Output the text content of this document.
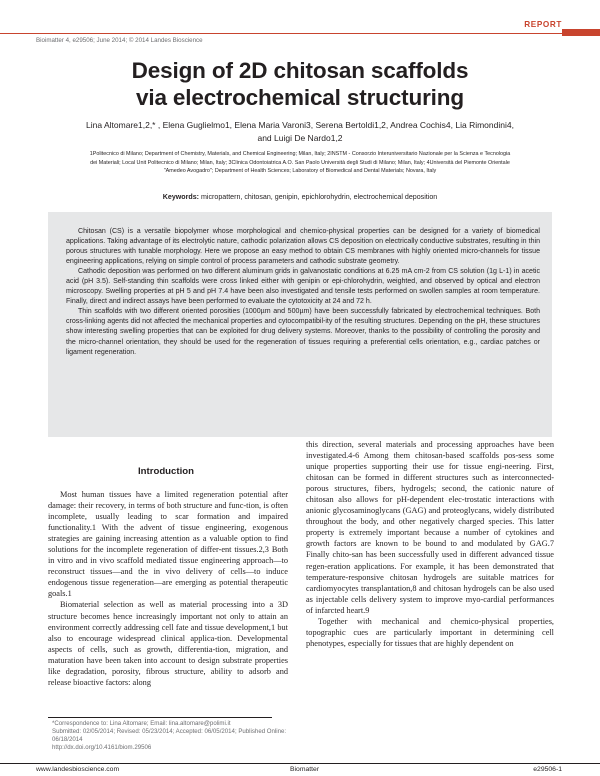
REPORT
Bioimatter 4, e29506; June 2014; © 2014 Landes Bioscience
Design of 2D chitosan scaffolds
via electrochemical structuring
Lina Altomare1,2,* , Elena Guglielmo1, Elena Maria Varoni3, Serena Bertoldi1,2, Andrea Cochis4, Lia Rimondini4,
and Luigi De Nardo1,2
1Politecnico di Milano; Department of Chemistry, Materials, and Chemical Engineering; Milan, Italy; 2INSTM - Consorzio Interuniversitario Nazionale per la Scienza e Tecnologia
dei Materiali; Local Unit Politecnico di Milano; Milan, Italy; 3Clinica Odontoiatrica A.O. San Paolo Università degli Studi di Milano; Milan, Italy; 4Università del Piemonte Orientale
"Amedeo Avogadro"; Department of Health Sciences; Laboratory of Biomedical and Dental Materials; Novara, Italy
Keywords: micropattern, chitosan, genipin, epichlorohydrin, electrochemical deposition

Chitosan (CS) is a versatile biopolymer whose morphological and chemico-physical properties can be designed for a variety of biomedical applications. Taking advantage of its electrolytic nature, cathodic polarization allows CS deposition on electrically conductive substrates, resulting in thin porous structures with tunable morphology. Here we propose an easy method to obtain CS membranes with highly oriented micro-channels for tissue engineering applications, relying on simple control of process parameters and cathodic substrate geometry.

Cathodic deposition was performed on two different aluminum grids in galvanostatic conditions at 6.25 mA cm-2 from CS solution (1g L-1) in acetic acid (pH 3.5). Self-standing thin scaffolds were cross linked either with genipin or epi-chlorohydrin, weighted, and observed by optical and electron microscopy. Swelling properties at pH 5 and pH 7.4 have been also investigated and tensile tests performed on swollen samples at room temperature. Finally, direct and indirect assays have been performed to evaluate the cytotoxicity at 24 and 72 h.

Thin scaffolds with two different oriented porosities (1000µm and 500µm) have been successfully fabricated by electrochemical techniques. Both cross-linking agents did not affected the mechanical properties and cytocompatibil-ity of the resulting structures. Depending on the pH, these structures show interesting swelling properties that can be exploited for drug delivery systems. Moreover, thanks to the possibility of controlling the porosity and the micro-channel orientation, they should be used for the regeneration of tissues requiring a preferential cells orientation, e.g., cardiac patches or ligament regeneration.

Introduction

Most human tissues have a limited regeneration potential after damage: their recovery, in terms of both structure and func-tion, is often incomplete, usually leading to scar formation and impaired functionality.1 With the advent of tissue engineering, exogenous strategies are gaining increasing attention as a valuable option to find solutions for the incomplete regeneration of differ-ent tissues.2,3 Both in vitro and in vivo scaffold mediated tissue engineering approach—to reconstruct tissues—and the in vivo delivery of cells—to induce endogenous tissue regeneration—are emerging as potential therapeutic goals.1

Biomaterial selection as well as material processing into a 3D structure becomes hence increasingly important not only to attain an environment correctly addressing cell fate and tissue development,1 but also to encourage widespread clinical applica-tion. Developmental aspects of cells, such as growth, differentia-tion, migration, and maturation have been taken into account to design substrate properties like degradation, porosity, fibrous structure, ability to adsorb and release bioactive factors: along

this direction, several materials and processing approaches have been investigated.4-6 Among them chitosan-based scaffolds pos-sess some unique properties supporting their use for tissue engi-neering. First, chitosan can be formed in different structures such as interconnected-porous structures, fibers, hydrogels; second, the cationic nature of chitosan also allows for pH-dependent elec-trostatic interactions with anionic glycosaminoglycans (GAG) and proteoglycans, widely distributed throughout the body, and other negatively charged species. This latter property is extremely important because a number of cytokines and growth factors are known to be bound to and modulated by GAG.7 Finally chito-san has been successfully used in different advanced tissue regen-eration applications. For example, it has been demonstrated that temperature-responsive chitosan hydrogels are suitable matrices for cardiomyocytes transplantation,8 and chitosan hydrogels can be also used as injectable cells delivery system to improve myo-cardial performances of infarcted heart.9

Together with mechanical and chemico-physical properties, topographic cues are particularly important in determining cell phenotypes, especially for tissues that are highly dependent on

*Correspondence to: Lina Altomare; Email: lina.altomare@polimi.it
Submitted: 02/05/2014; Revised: 05/23/2014; Accepted: 06/05/2014; Published Online: 06/18/2014
http://dx.doi.org/10.4161/biom.29506
www.landesbioscience.com	Biomatter	e29506-1
